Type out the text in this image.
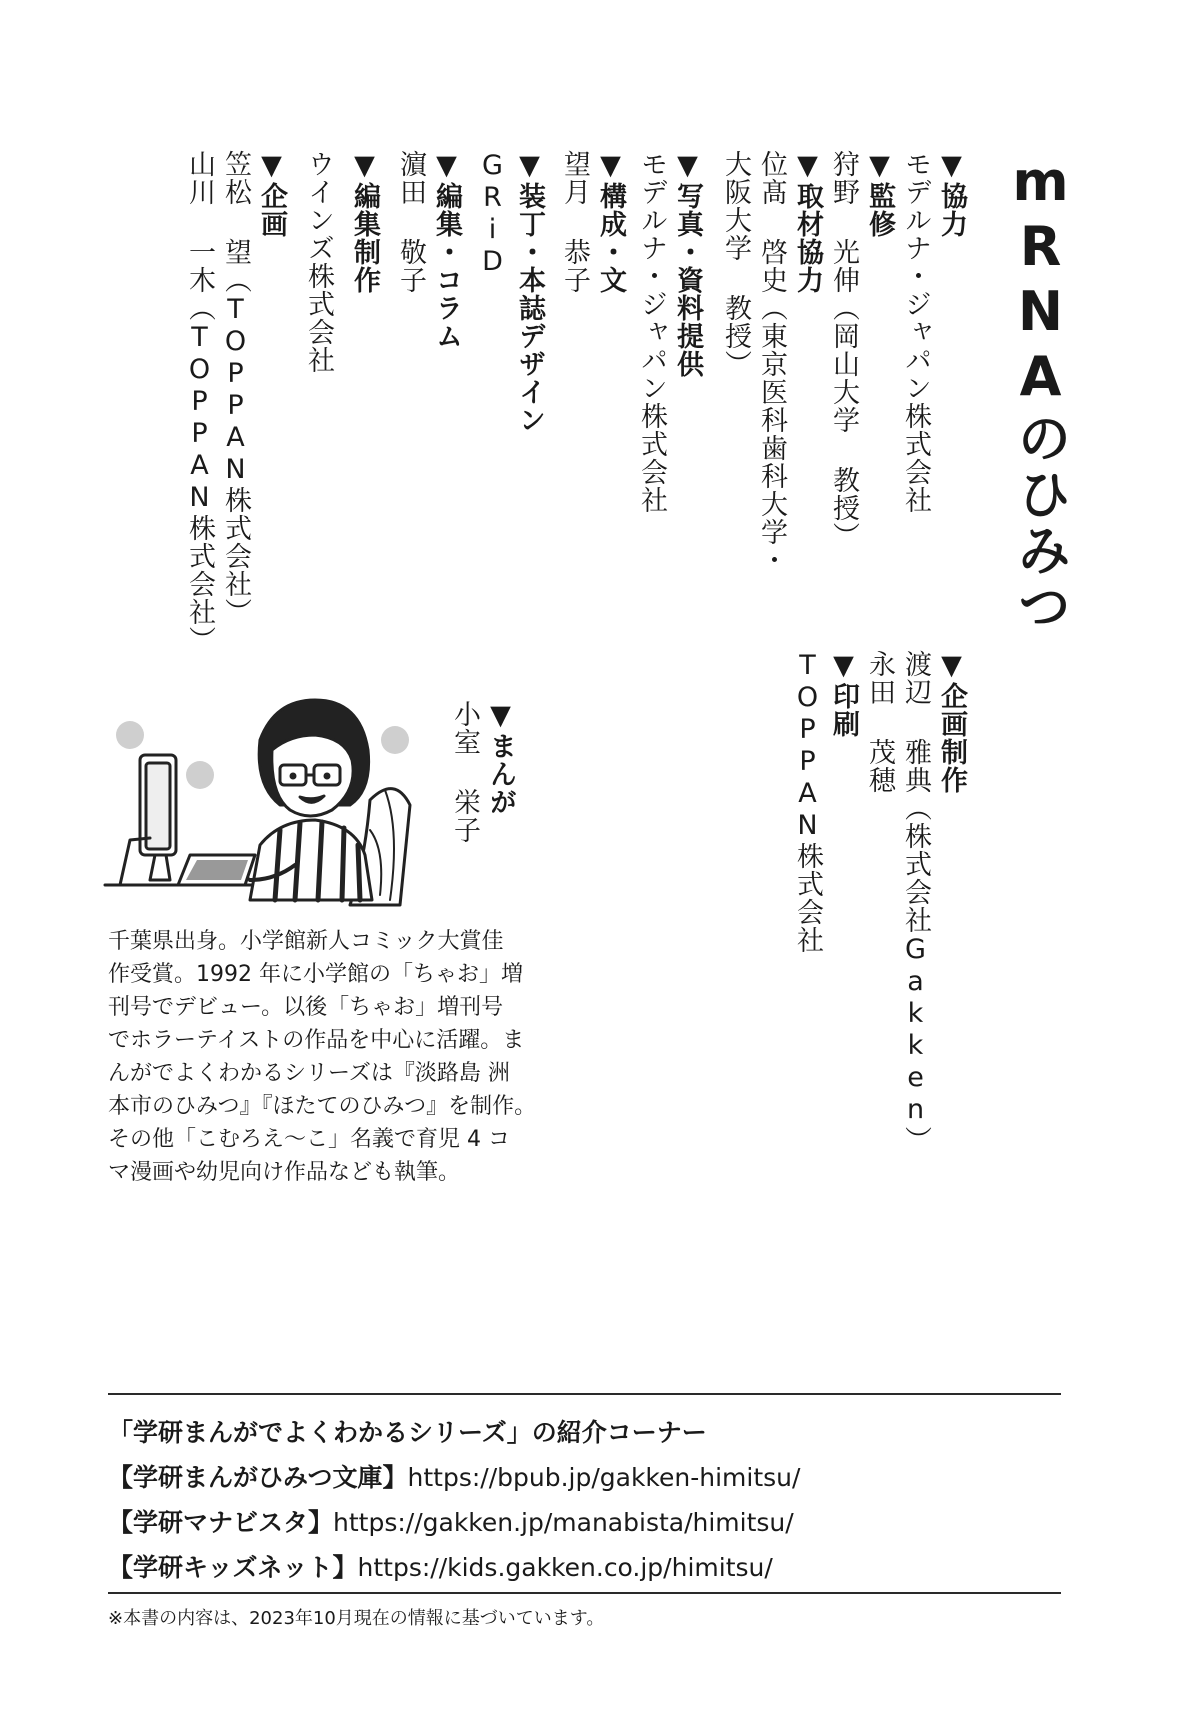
mRNAのひみつ
▼協力
モデルナ・ジャパン株式会社
▼監修
狩野 光伸（岡山大学 教授）
▼取材協力
位髙 啓史（東京医科歯科大学・
大阪大学 教授）
▼写真・資料提供
モデルナ・ジャパン株式会社
▼構成・文
望月 恭子
▼装丁・本誌デザイン
GRiD
▼編集・コラム
濵田 敬子
▼編集制作
ウインズ株式会社
▼企画
笠松 望（TOPPAN株式会社）
山川 一木（TOPPAN株式会社）
▼企画制作
渡辺 雅典（株式会社Gakken）
永田 茂穂
▼印刷
TOPPAN株式会社
▼まんが
小室 栄子
千葉県出身。小学館新人コミック大賞佳
作受賞。1992 年に小学館の「ちゃお」増
刊号でデビュー。以後「ちゃお」増刊号
でホラーテイストの作品を中心に活躍。ま
んがでよくわかるシリーズは『淡路島 洲
本市のひみつ』『ほたてのひみつ』を制作。
その他「こむろえ〜こ」名義で育児 4 コ
マ漫画や幼児向け作品なども執筆。
「学研まんがでよくわかるシリーズ」の紹介コーナー
【学研まんがひみつ文庫】https://bpub.jp/gakken-himitsu/
【学研マナビスタ】https://gakken.jp/manabista/himitsu/
【学研キッズネット】https://kids.gakken.co.jp/himitsu/
※本書の内容は、2023年10月現在の情報に基づいています。
